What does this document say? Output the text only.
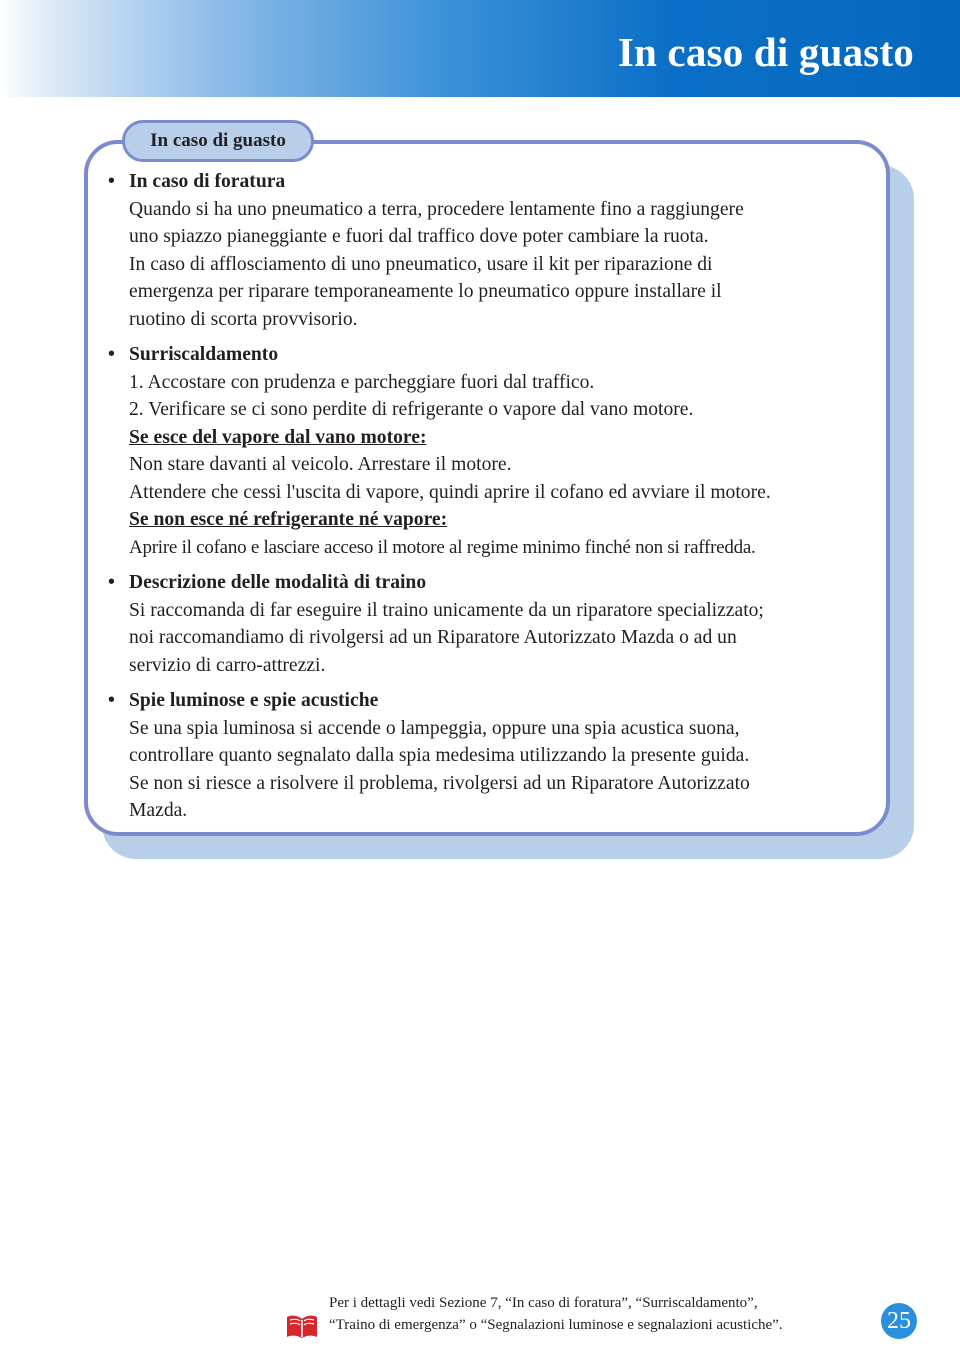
In caso di guasto
In caso di guasto
• In caso di foratura
Quando si ha uno pneumatico a terra, procedere lentamente fino a raggiungere
uno spiazzo pianeggiante e fuori dal traffico dove poter cambiare la ruota.
In caso di afflosciamento di uno pneumatico, usare il kit per riparazione di
emergenza per riparare temporaneamente lo pneumatico oppure installare il
ruotino di scorta provvisorio.
• Surriscaldamento
1. Accostare con prudenza e parcheggiare fuori dal traffico.
2. Verificare se ci sono perdite di refrigerante o vapore dal vano motore.
Se esce del vapore dal vano motore:
Non stare davanti al veicolo. Arrestare il motore.
Attendere che cessi l'uscita di vapore, quindi aprire il cofano ed avviare il motore.
Se non esce né refrigerante né vapore:
Aprire il cofano e lasciare acceso il motore al regime minimo finché non si raffredda.
• Descrizione delle modalità di traino
Si raccomanda di far eseguire il traino unicamente da un riparatore specializzato;
noi raccomandiamo di rivolgersi ad un Riparatore Autorizzato Mazda o ad un
servizio di carro-attrezzi.
• Spie luminose e spie acustiche
Se una spia luminosa si accende o lampeggia, oppure una spia acustica suona,
controllare quanto segnalato dalla spia medesima utilizzando la presente guida.
Se non si riesce a risolvere il problema, rivolgersi ad un Riparatore Autorizzato
Mazda.
Per i dettagli vedi Sezione 7, “In caso di foratura”, “Surriscaldamento”,
“Traino di emergenza” o “Segnalazioni luminose e segnalazioni acustiche”.	25
